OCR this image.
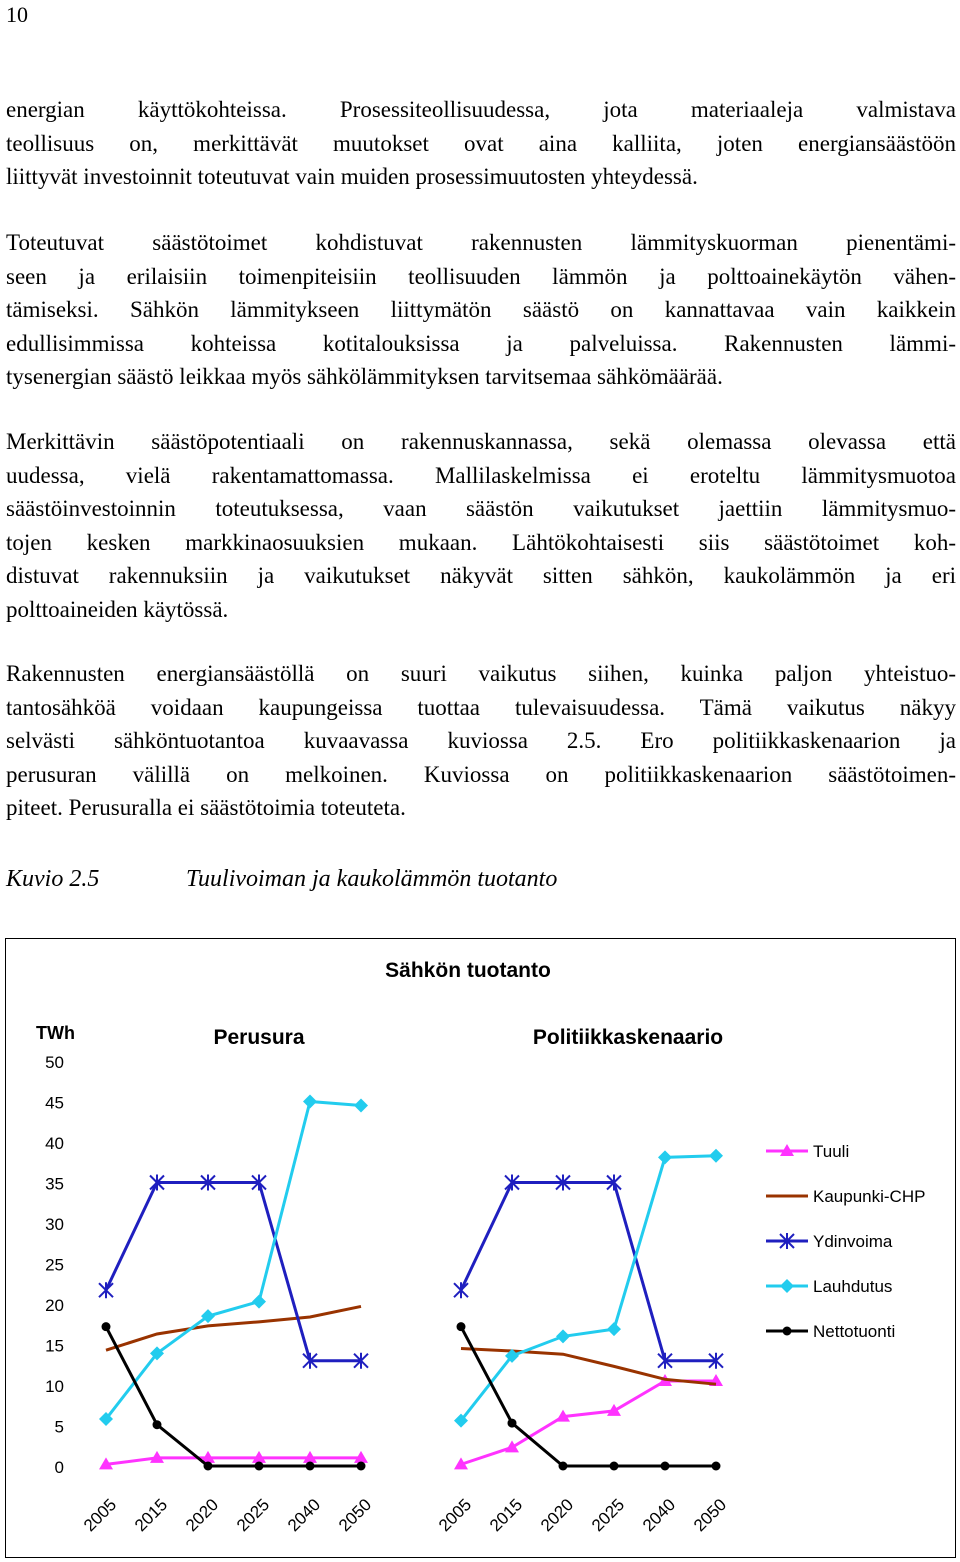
10

energian käyttökohteissa. Prosessiteollisuudessa, jota materiaaleja valmistava
teollisuus on, merkittävät muutokset ovat aina kalliita, joten energiansäästöön
liittyvät investoinnit toteutuvat vain muiden prosessimuutosten yhteydessä.

Toteutuvat säästötoimet kohdistuvat rakennusten lämmityskuorman pienentämi-
seen ja erilaisiin toimenpiteisiin teollisuuden lämmön ja polttoainekäytön vähen-
tämiseksi. Sähkön lämmitykseen liittymätön säästö on kannattavaa vain kaikkein
edullisimmissa kohteissa kotitalouksissa ja palveluissa. Rakennusten lämmi-
tysenergian säästö leikkaa myös sähkölämmityksen tarvitsemaa sähkömäärää.

Merkittävin säästöpotentiaali on rakennuskannassa, sekä olemassa olevassa että
uudessa, vielä rakentamattomassa. Mallilaskelmissa ei eroteltu lämmitysmuotoa
säästöinvestoinnin toteutuksessa, vaan säästön vaikutukset jaettiin lämmitysmuo-
tojen kesken markkinaosuuksien mukaan. Lähtökohtaisesti siis säästötoimet koh-
distuvat rakennuksiin ja vaikutukset näkyvät sitten sähkön, kaukolämmön ja eri
polttoaineiden käytössä.

Rakennusten energiansäästöllä on suuri vaikutus siihen, kuinka paljon yhteistuo-
tantosähköä voidaan kaupungeissa tuottaa tulevaisuudessa. Tämä vaikutus näkyy
selvästi sähköntuotantoa kuvaavassa kuviossa 2.5. Ero politiikkaskenaarion ja
perusuran välillä on melkoinen. Kuviossa on politiikkaskenaarion säästötoimen-
piteet. Perusuralla ei säästötoimia toteuteta.

Kuvio 2.5	Tuulivoiman ja kaukolämmön tuotanto
Sähkön tuotanto
TWh
0
5
10
15
20
25
30
35
40
45
50
Perusura
2005 2015 2020 2025 2040 2050
Politiikkaskenaario
2005 2015 2020 2025 2040 2050
Tuuli
Kaupunki-CHP
Ydinvoima
Lauhdutus
Nettotuonti
